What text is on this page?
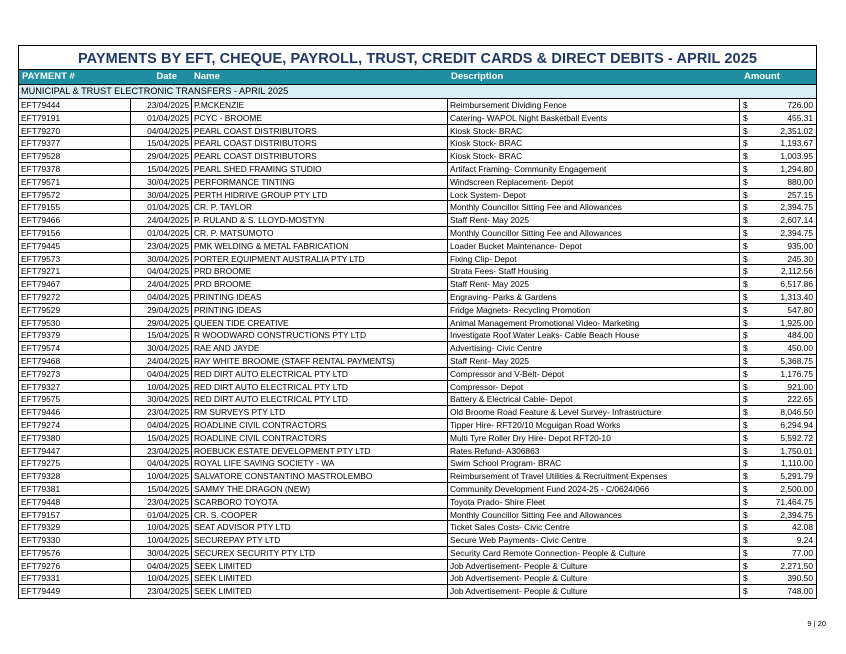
PAYMENTS BY EFT, CHEQUE, PAYROLL, TRUST, CREDIT CARDS & DIRECT DEBITS - APRIL 2025
PAYMENT #	Date	Name	Description	Amount
MUNICIPAL & TRUST ELECTRONIC TRANSFERS - APRIL 2025
EFT79444	23/04/2025 P.MCKENZIE	Reimbursement Dividing Fence	$	726.00
EFT79191	01/04/2025 PCYC - BROOME	Catering- WAPOL Night Basketball Events	$	455.31
EFT79270	04/04/2025 PEARL COAST DISTRIBUTORS	Kiosk Stock- BRAC	$	2,351.02
EFT79377	15/04/2025 PEARL COAST DISTRIBUTORS	Kiosk Stock- BRAC	$	1,193.67
EFT79528	29/04/2025 PEARL COAST DISTRIBUTORS	Kiosk Stock- BRAC	$	1,003.95
EFT79378	15/04/2025 PEARL SHED FRAMING STUDIO	Artifact Framing- Community Engagement	$	1,294.80
EFT79571	30/04/2025 PERFORMANCE TINTING	Windscreen Replacement- Depot	$	880.00
EFT79572	30/04/2025 PERTH HIDRIVE GROUP PTY LTD	Lock System- Depot	$	257.15
EFT79155	01/04/2025 CR. P. TAYLOR	Monthly Councillor Sitting Fee and Allowances	$	2,394.75
EFT79466	24/04/2025 P. RULAND & S. LLOYD-MOSTYN	Staff Rent- May 2025	$	2,607.14
EFT79156	01/04/2025 CR. P. MATSUMOTO	Monthly Councillor Sitting Fee and Allowances	$	2,394.75
EFT79445	23/04/2025 PMK WELDING & METAL FABRICATION	Loader Bucket Maintenance- Depot	$	935.00
EFT79573	30/04/2025 PORTER EQUIPMENT AUSTRALIA PTY LTD	Fixing Clip- Depot	$	245.30
EFT79271	04/04/2025 PRD BROOME	Strata Fees- Staff Housing	$	2,112.56
EFT79467	24/04/2025 PRD BROOME	Staff Rent- May 2025	$	6,517.86
EFT79272	04/04/2025 PRINTING IDEAS	Engraving- Parks & Gardens	$	1,313.40
EFT79529	29/04/2025 PRINTING IDEAS	Fridge Magnets- Recycling Promotion	$	547.80
EFT79530	29/04/2025 QUEEN TIDE CREATIVE	Animal Management Promotional Video- Marketing	$	1,925.00
EFT79379	15/04/2025 R WOODWARD CONSTRUCTIONS PTY LTD	Investigate Roof Water Leaks- Cable Beach House	$	484.00
EFT79574	30/04/2025 RAE AND JAYDE	Advertising- Civic Centre	$	450.00
EFT79468	24/04/2025 RAY WHITE BROOME (STAFF RENTAL PAYMENTS)	Staff Rent- May 2025	$	5,368.75
EFT79273	04/04/2025 RED DIRT AUTO ELECTRICAL PTY LTD	Compressor and V-Belt- Depot	$	1,176.75
EFT79327	10/04/2025 RED DIRT AUTO ELECTRICAL PTY LTD	Compressor- Depot	$	921.00
EFT79575	30/04/2025 RED DIRT AUTO ELECTRICAL PTY LTD	Battery & Electrical Cable- Depot	$	222.65
EFT79446	23/04/2025 RM SURVEYS PTY LTD	Old Broome Road Feature & Level Survey- Infrastructure	$	8,046.50
EFT79274	04/04/2025 ROADLINE CIVIL CONTRACTORS	Tipper Hire- RFT20/10 Mcguigan Road Works	$	6,294.94
EFT79380	15/04/2025 ROADLINE CIVIL CONTRACTORS	Multi Tyre Roller Dry Hire- Depot RFT20-10	$	5,592.72
EFT79447	23/04/2025 ROEBUCK ESTATE DEVELOPMENT PTY LTD	Rates Refund- A306863	$	1,750.01
EFT79275	04/04/2025 ROYAL LIFE SAVING SOCIETY - WA	Swim School Program- BRAC	$	1,110.00
EFT79328	10/04/2025 SALVATORE CONSTANTINO MASTROLEMBO	Reimbursement of Travel Utilities & Recruitment Expenses	$	5,291.79
EFT79381	15/04/2025 SAMMY THE DRAGON (NEW)	Community Development Fund 2024-25 - C/0624/066	$	2,500.00
EFT79448	23/04/2025 SCARBORO TOYOTA	Toyota Prado- Shire Fleet	$	71,464.75
EFT79157	01/04/2025 CR. S. COOPER	Monthly Councillor Sitting Fee and Allowances	$	2,394.75
EFT79329	10/04/2025 SEAT ADVISOR PTY LTD	Ticket Sales Costs- Civic Centre	$	42.08
EFT79330	10/04/2025 SECUREPAY PTY LTD	Secure Web Payments- Civic Centre	$	9.24
EFT79576	30/04/2025 SECUREX SECURITY PTY LTD	Security Card Remote Connection- People & Culture	$	77.00
EFT79276	04/04/2025 SEEK LIMITED	Job Advertisement- People & Culture	$	2,271.50
EFT79331	10/04/2025 SEEK LIMITED	Job Advertisement- People & Culture	$	390.50
EFT79449	23/04/2025 SEEK LIMITED	Job Advertisement- People & Culture	$	748.00
9 | 20
